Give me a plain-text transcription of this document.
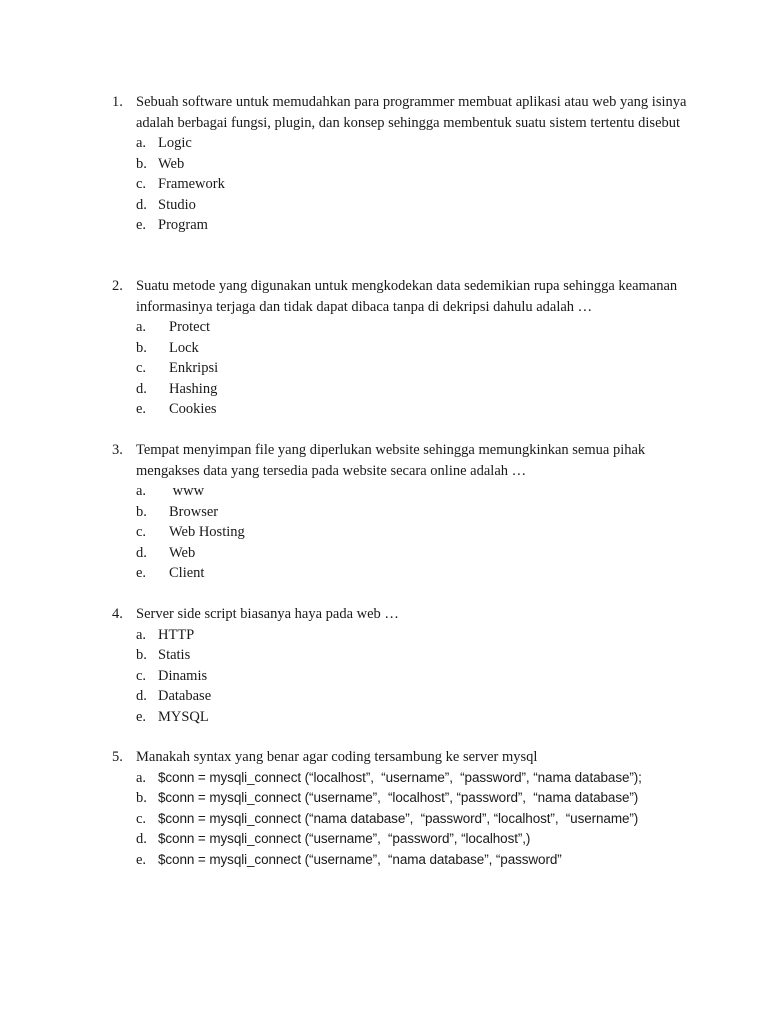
1. Sebuah software untuk memudahkan para programmer membuat aplikasi atau web yang isinya adalah berbagai fungsi, plugin, dan konsep sehingga membentuk suatu sistem tertentu disebut
a. Logic
b. Web
c. Framework
d. Studio
e. Program
2. Suatu metode yang digunakan untuk mengkodekan data sedemikian rupa sehingga keamanan informasinya terjaga dan tidak dapat dibaca tanpa di dekripsi dahulu adalah …
a.	Protect
b.	Lock
c.	Enkripsi
d.	Hashing
e.	Cookies
3. Tempat menyimpan file yang diperlukan website sehingga memungkinkan semua pihak mengakses data yang tersedia pada website secara online adalah …
a.	www
b.	Browser
c.	Web Hosting
d.	Web
e.	Client
4. Server side script biasanya haya pada web …
a. HTTP
b. Statis
c. Dinamis
d. Database
e. MYSQL
5. Manakah syntax yang benar agar coding tersambung ke server mysql
a. $conn = mysqli_connect (“localhost”,  “username”,  “password”, “nama database”);
b. $conn = mysqli_connect (“username”,  “localhost”, “password”,  “nama database”)
c. $conn = mysqli_connect (“nama database”,  “password”, “localhost”,  “username”)
d. $conn = mysqli_connect (“username”,  “password”, “localhost”,)
e. $conn = mysqli_connect (“username”,  “nama database”, “password”
